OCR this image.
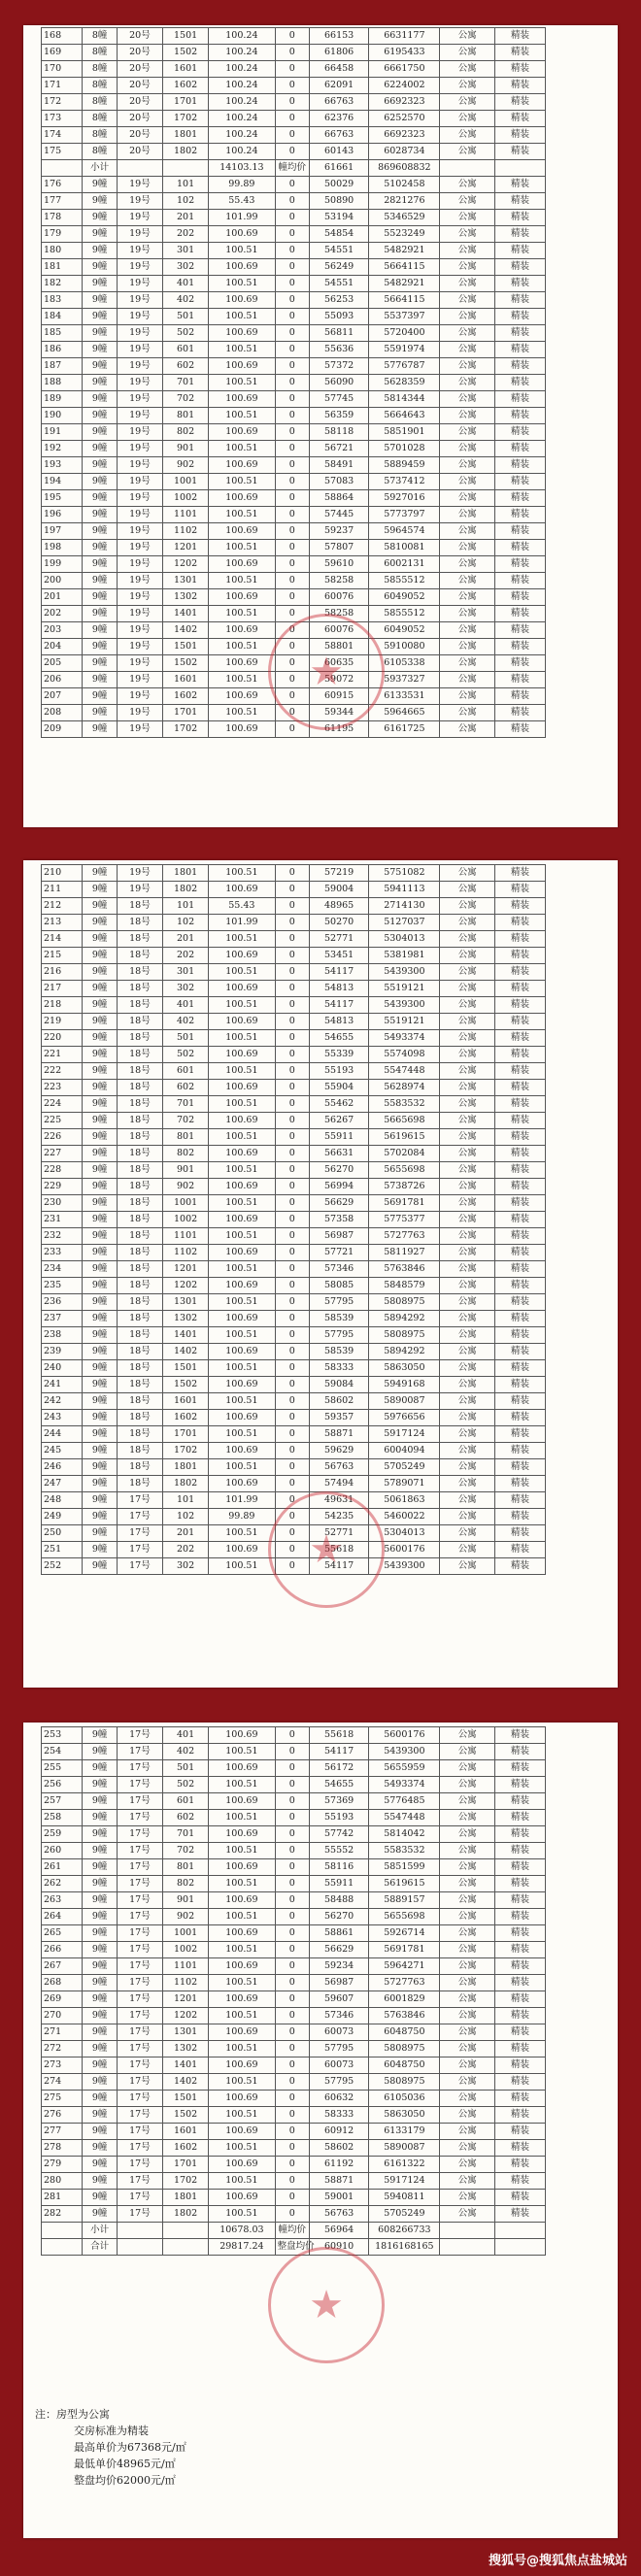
168	8幢	20号	1501	100.24	0	66153	6631177	公寓	精装
169	8幢	20号	1502	100.24	0	61806	6195433	公寓	精装
170	8幢	20号	1601	100.24	0	66458	6661750	公寓	精装
171	8幢	20号	1602	100.24	0	62091	6224002	公寓	精装
172	8幢	20号	1701	100.24	0	66763	6692323	公寓	精装
173	8幢	20号	1702	100.24	0	62376	6252570	公寓	精装
174	8幢	20号	1801	100.24	0	66763	6692323	公寓	精装
175	8幢	20号	1802	100.24	0	60143	6028734	公寓	精装
	小计			14103.13	幢均价	61661	869608832		
176	9幢	19号	101	99.89	0	50029	5102458	公寓	精装
177	9幢	19号	102	55.43	0	50890	2821276	公寓	精装
178	9幢	19号	201	101.99	0	53194	5346529	公寓	精装
179	9幢	19号	202	100.69	0	54854	5523249	公寓	精装
180	9幢	19号	301	100.51	0	54551	5482921	公寓	精装
181	9幢	19号	302	100.69	0	56249	5664115	公寓	精装
182	9幢	19号	401	100.51	0	54551	5482921	公寓	精装
183	9幢	19号	402	100.69	0	56253	5664115	公寓	精装
184	9幢	19号	501	100.51	0	55093	5537397	公寓	精装
185	9幢	19号	502	100.69	0	56811	5720400	公寓	精装
186	9幢	19号	601	100.51	0	55636	5591974	公寓	精装
187	9幢	19号	602	100.69	0	57372	5776787	公寓	精装
188	9幢	19号	701	100.51	0	56090	5628359	公寓	精装
189	9幢	19号	702	100.69	0	57745	5814344	公寓	精装
190	9幢	19号	801	100.51	0	56359	5664643	公寓	精装
191	9幢	19号	802	100.69	0	58118	5851901	公寓	精装
192	9幢	19号	901	100.51	0	56721	5701028	公寓	精装
193	9幢	19号	902	100.69	0	58491	5889459	公寓	精装
194	9幢	19号	1001	100.51	0	57083	5737412	公寓	精装
195	9幢	19号	1002	100.69	0	58864	5927016	公寓	精装
196	9幢	19号	1101	100.51	0	57445	5773797	公寓	精装
197	9幢	19号	1102	100.69	0	59237	5964574	公寓	精装
198	9幢	19号	1201	100.51	0	57807	5810081	公寓	精装
199	9幢	19号	1202	100.69	0	59610	6002131	公寓	精装
200	9幢	19号	1301	100.51	0	58258	5855512	公寓	精装
201	9幢	19号	1302	100.69	0	60076	6049052	公寓	精装
202	9幢	19号	1401	100.51	0	58258	5855512	公寓	精装
203	9幢	19号	1402	100.69	0	60076	6049052	公寓	精装
204	9幢	19号	1501	100.51	0	58801	5910080	公寓	精装
205	9幢	19号	1502	100.69	0	60635	6105338	公寓	精装
206	9幢	19号	1601	100.51	0	59072	5937327	公寓	精装
207	9幢	19号	1602	100.69	0	60915	6133531	公寓	精装
208	9幢	19号	1701	100.51	0	59344	5964665	公寓	精装
209	9幢	19号	1702	100.69	0	61195	6161725	公寓	精装
★
210	9幢	19号	1801	100.51	0	57219	5751082	公寓	精装
211	9幢	19号	1802	100.69	0	59004	5941113	公寓	精装
212	9幢	18号	101	55.43	0	48965	2714130	公寓	精装
213	9幢	18号	102	101.99	0	50270	5127037	公寓	精装
214	9幢	18号	201	100.51	0	52771	5304013	公寓	精装
215	9幢	18号	202	100.69	0	53451	5381981	公寓	精装
216	9幢	18号	301	100.51	0	54117	5439300	公寓	精装
217	9幢	18号	302	100.69	0	54813	5519121	公寓	精装
218	9幢	18号	401	100.51	0	54117	5439300	公寓	精装
219	9幢	18号	402	100.69	0	54813	5519121	公寓	精装
220	9幢	18号	501	100.51	0	54655	5493374	公寓	精装
221	9幢	18号	502	100.69	0	55339	5574098	公寓	精装
222	9幢	18号	601	100.51	0	55193	5547448	公寓	精装
223	9幢	18号	602	100.69	0	55904	5628974	公寓	精装
224	9幢	18号	701	100.51	0	55462	5583532	公寓	精装
225	9幢	18号	702	100.69	0	56267	5665698	公寓	精装
226	9幢	18号	801	100.51	0	55911	5619615	公寓	精装
227	9幢	18号	802	100.69	0	56631	5702084	公寓	精装
228	9幢	18号	901	100.51	0	56270	5655698	公寓	精装
229	9幢	18号	902	100.69	0	56994	5738726	公寓	精装
230	9幢	18号	1001	100.51	0	56629	5691781	公寓	精装
231	9幢	18号	1002	100.69	0	57358	5775377	公寓	精装
232	9幢	18号	1101	100.51	0	56987	5727763	公寓	精装
233	9幢	18号	1102	100.69	0	57721	5811927	公寓	精装
234	9幢	18号	1201	100.51	0	57346	5763846	公寓	精装
235	9幢	18号	1202	100.69	0	58085	5848579	公寓	精装
236	9幢	18号	1301	100.51	0	57795	5808975	公寓	精装
237	9幢	18号	1302	100.69	0	58539	5894292	公寓	精装
238	9幢	18号	1401	100.51	0	57795	5808975	公寓	精装
239	9幢	18号	1402	100.69	0	58539	5894292	公寓	精装
240	9幢	18号	1501	100.51	0	58333	5863050	公寓	精装
241	9幢	18号	1502	100.69	0	59084	5949168	公寓	精装
242	9幢	18号	1601	100.51	0	58602	5890087	公寓	精装
243	9幢	18号	1602	100.69	0	59357	5976656	公寓	精装
244	9幢	18号	1701	100.51	0	58871	5917124	公寓	精装
245	9幢	18号	1702	100.69	0	59629	6004094	公寓	精装
246	9幢	18号	1801	100.51	0	56763	5705249	公寓	精装
247	9幢	18号	1802	100.69	0	57494	5789071	公寓	精装
248	9幢	17号	101	101.99	0	49631	5061863	公寓	精装
249	9幢	17号	102	99.89	0	54235	5460022	公寓	精装
250	9幢	17号	201	100.51	0	52771	5304013	公寓	精装
251	9幢	17号	202	100.69	0	55618	5600176	公寓	精装
252	9幢	17号	302	100.51	0	54117	5439300	公寓	精装
★
253	9幢	17号	401	100.69	0	55618	5600176	公寓	精装
254	9幢	17号	402	100.51	0	54117	5439300	公寓	精装
255	9幢	17号	501	100.69	0	56172	5655959	公寓	精装
256	9幢	17号	502	100.51	0	54655	5493374	公寓	精装
257	9幢	17号	601	100.69	0	57369	5776485	公寓	精装
258	9幢	17号	602	100.51	0	55193	5547448	公寓	精装
259	9幢	17号	701	100.69	0	57742	5814042	公寓	精装
260	9幢	17号	702	100.51	0	55552	5583532	公寓	精装
261	9幢	17号	801	100.69	0	58116	5851599	公寓	精装
262	9幢	17号	802	100.51	0	55911	5619615	公寓	精装
263	9幢	17号	901	100.69	0	58488	5889157	公寓	精装
264	9幢	17号	902	100.51	0	56270	5655698	公寓	精装
265	9幢	17号	1001	100.69	0	58861	5926714	公寓	精装
266	9幢	17号	1002	100.51	0	56629	5691781	公寓	精装
267	9幢	17号	1101	100.69	0	59234	5964271	公寓	精装
268	9幢	17号	1102	100.51	0	56987	5727763	公寓	精装
269	9幢	17号	1201	100.69	0	59607	6001829	公寓	精装
270	9幢	17号	1202	100.51	0	57346	5763846	公寓	精装
271	9幢	17号	1301	100.69	0	60073	6048750	公寓	精装
272	9幢	17号	1302	100.51	0	57795	5808975	公寓	精装
273	9幢	17号	1401	100.69	0	60073	6048750	公寓	精装
274	9幢	17号	1402	100.51	0	57795	5808975	公寓	精装
275	9幢	17号	1501	100.69	0	60632	6105036	公寓	精装
276	9幢	17号	1502	100.51	0	58333	5863050	公寓	精装
277	9幢	17号	1601	100.69	0	60912	6133179	公寓	精装
278	9幢	17号	1602	100.51	0	58602	5890087	公寓	精装
279	9幢	17号	1701	100.69	0	61192	6161322	公寓	精装
280	9幢	17号	1702	100.51	0	58871	5917124	公寓	精装
281	9幢	17号	1801	100.69	0	59001	5940811	公寓	精装
282	9幢	17号	1802	100.51	0	56763	5705249	公寓	精装
	小计			10678.03	幢均价	56964	608266733		
	合计			29817.24	整盘均价	60910	1816168165		
★
注：房型为公寓
交房标准为精装
最高单价为67368元/㎡
最低单价48965元/㎡
整盘均价62000元/㎡
搜狐号@搜狐焦点盐城站
